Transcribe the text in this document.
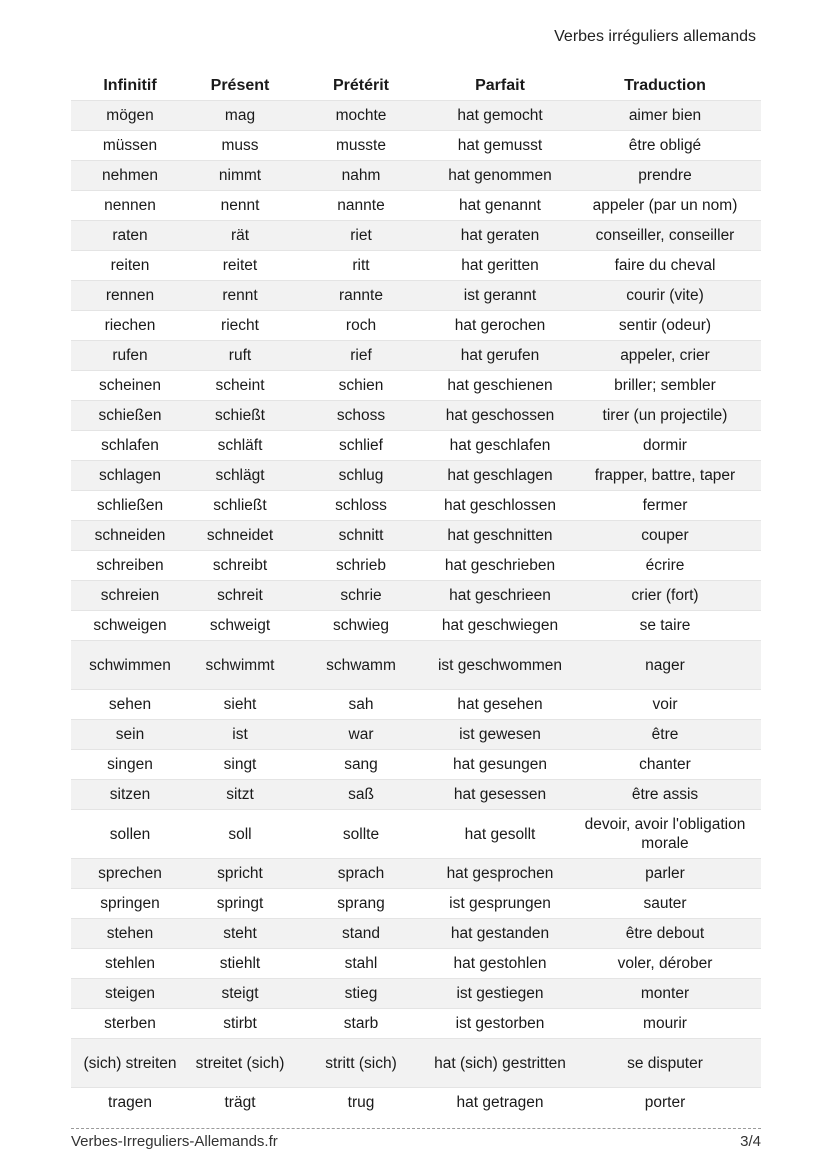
Verbes irréguliers allemands
Infinitif	Présent	Prétérit	Parfait	Traduction
mögen	mag	mochte	hat gemocht	aimer bien
müssen	muss	musste	hat gemusst	être obligé
nehmen	nimmt	nahm	hat genommen	prendre
nennen	nennt	nannte	hat genannt	appeler (par un nom)
raten	rät	riet	hat geraten	conseiller, conseiller
reiten	reitet	ritt	hat geritten	faire du cheval
rennen	rennt	rannte	ist gerannt	courir (vite)
riechen	riecht	roch	hat gerochen	sentir (odeur)
rufen	ruft	rief	hat gerufen	appeler, crier
scheinen	scheint	schien	hat geschienen	briller; sembler
schießen	schießt	schoss	hat geschossen	tirer (un projectile)
schlafen	schläft	schlief	hat geschlafen	dormir
schlagen	schlägt	schlug	hat geschlagen	frapper, battre, taper
schließen	schließt	schloss	hat geschlossen	fermer
schneiden	schneidet	schnitt	hat geschnitten	couper
schreiben	schreibt	schrieb	hat geschrieben	écrire
schreien	schreit	schrie	hat geschrieen	crier (fort)
schweigen	schweigt	schwieg	hat geschwiegen	se taire
schwimmen	schwimmt	schwamm	ist geschwommen	nager
sehen	sieht	sah	hat gesehen	voir
sein	ist	war	ist gewesen	être
singen	singt	sang	hat gesungen	chanter
sitzen	sitzt	saß	hat gesessen	être assis
sollen	soll	sollte	hat gesollt	devoir, avoir l'obligation morale
sprechen	spricht	sprach	hat gesprochen	parler
springen	springt	sprang	ist gesprungen	sauter
stehen	steht	stand	hat gestanden	être debout
stehlen	stiehlt	stahl	hat gestohlen	voler, dérober
steigen	steigt	stieg	ist gestiegen	monter
sterben	stirbt	starb	ist gestorben	mourir
(sich) streiten	streitet (sich)	stritt (sich)	hat (sich) gestritten	se disputer
tragen	trägt	trug	hat getragen	porter
Verbes-Irreguliers-Allemands.fr	3/4
